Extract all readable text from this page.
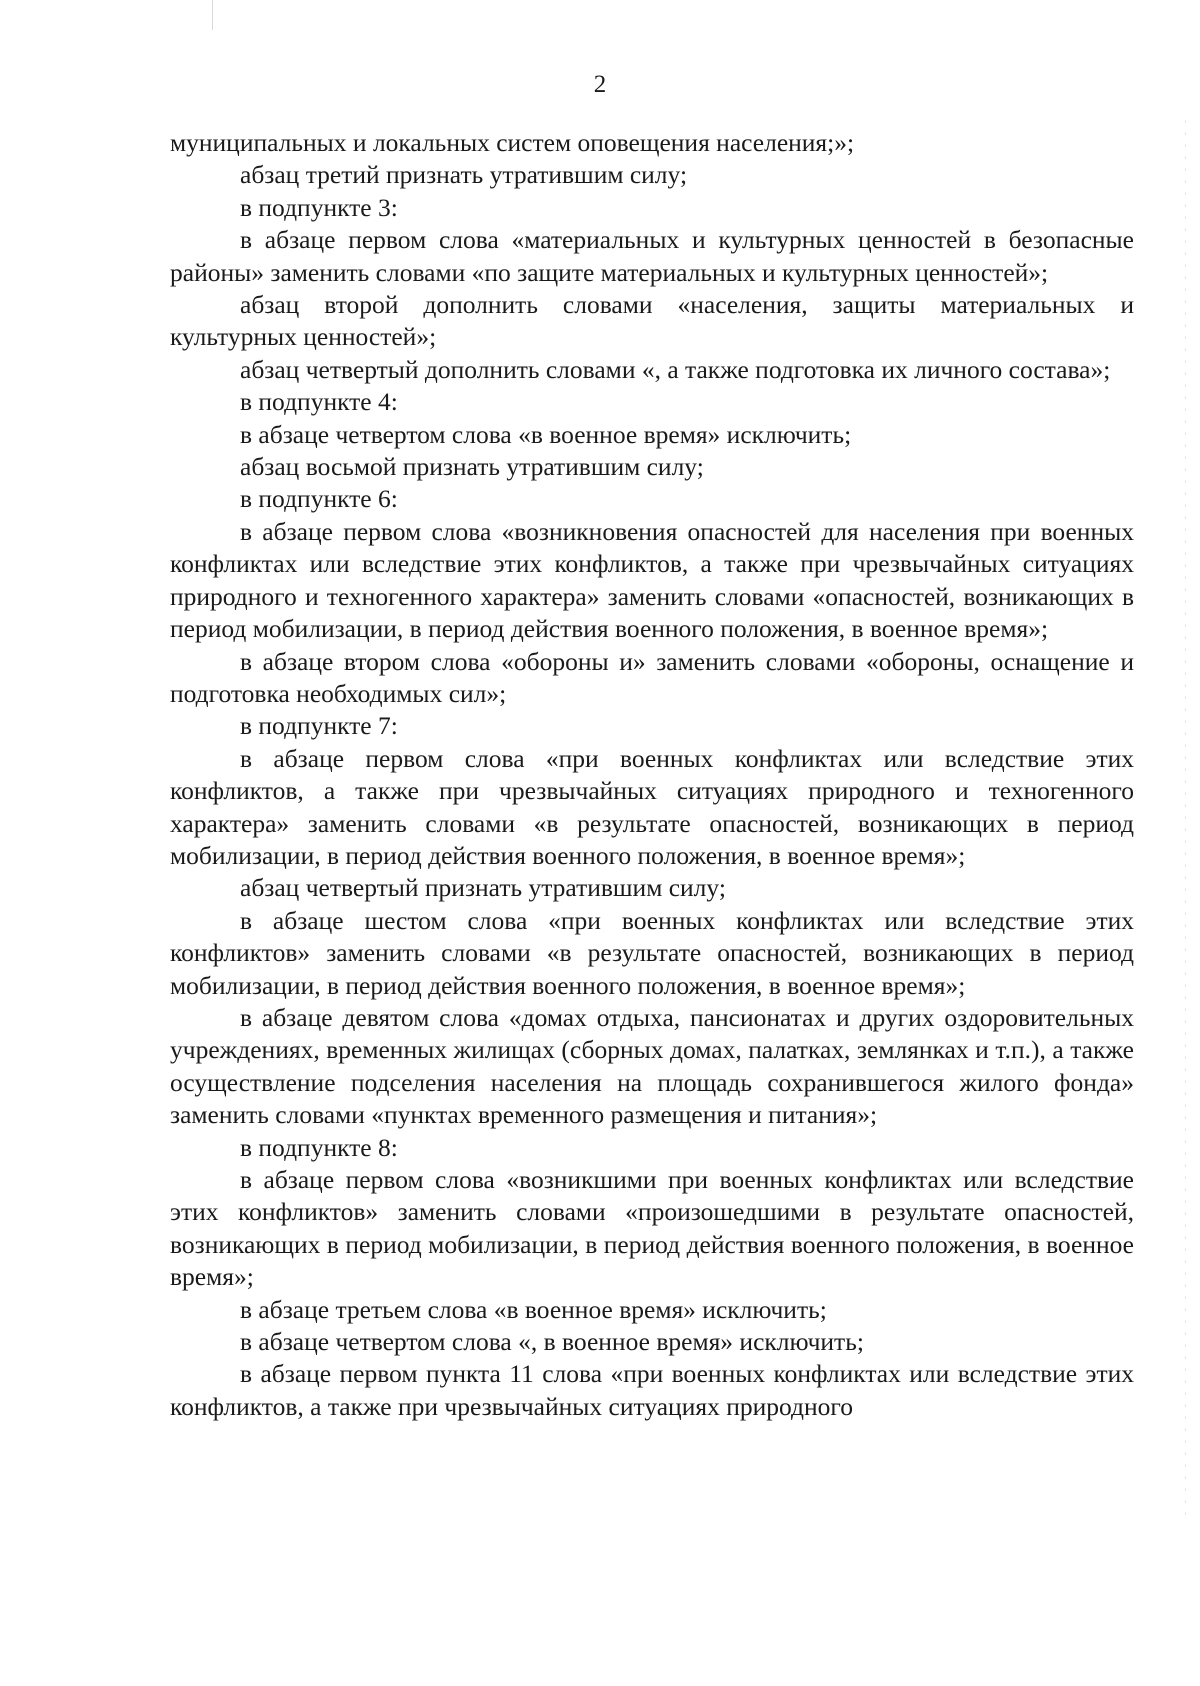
2

муниципальных и локальных систем оповещения населения;»;

абзац третий признать утратившим силу;

в подпункте 3:

в абзаце первом слова «материальных и культурных ценностей в безопасные районы» заменить словами «по защите материальных и культурных ценностей»;

абзац второй дополнить словами «населения, защиты материальных и культурных ценностей»;

абзац четвертый дополнить словами «, а также подготовка их личного состава»;

в подпункте 4:

в абзаце четвертом слова «в военное время» исключить;

абзац восьмой признать утратившим силу;

в подпункте 6:

в абзаце первом слова «возникновения опасностей для населения при военных конфликтах или вследствие этих конфликтов, а также при чрезвычайных ситуациях природного и техногенного характера» заменить словами «опасностей, возникающих в период мобилизации, в период действия военного положения, в военное время»;

в абзаце втором слова «обороны и» заменить словами «обороны, оснащение и подготовка необходимых сил»;

в подпункте 7:

в абзаце первом слова «при военных конфликтах или вследствие этих конфликтов, а также при чрезвычайных ситуациях природного и техногенного характера» заменить словами «в результате опасностей, возникающих в период мобилизации, в период действия военного положения, в военное время»;

абзац четвертый признать утратившим силу;

в абзаце шестом слова «при военных конфликтах или вследствие этих конфликтов» заменить словами «в результате опасностей, возникающих в период мобилизации, в период действия военного положения, в военное время»;

в абзаце девятом слова «домах отдыха, пансионатах и других оздоровительных учреждениях, временных жилищах (сборных домах, палатках, землянках и т.п.), а также осуществление подселения населения на площадь сохранившегося жилого фонда» заменить словами «пунктах временного размещения и питания»;

в подпункте 8:

в абзаце первом слова «возникшими при военных конфликтах или вследствие этих конфликтов» заменить словами «произошедшими в результате опасностей, возникающих в период мобилизации, в период действия военного положения, в военное время»;

в абзаце третьем слова «в военное время» исключить;

в абзаце четвертом слова «, в военное время» исключить;

в абзаце первом пункта 11 слова «при военных конфликтах или вследствие этих конфликтов, а также при чрезвычайных ситуациях природного
